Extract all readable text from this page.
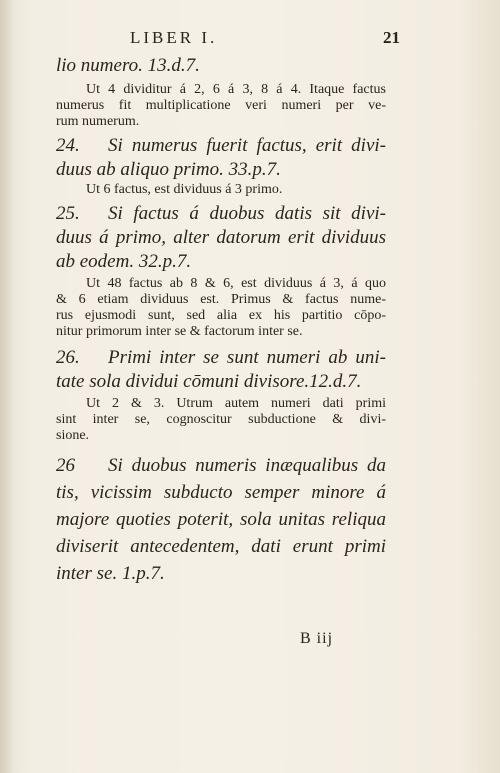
LIBER I.	21

lio numero. 13.d.7.

Ut 4 dividitur á 2, 6 á 3, 8 á 4. Itaque factus
numerus fit multiplicatione veri numeri per ve-
rum numerum.

24. Si numerus fuerit factus, erit divi-
duus ab aliquo primo. 33.p.7.

Ut 6 factus, est dividuus á 3 primo.

25. Si factus á duobus datis sit divi-
duus á primo, alter datorum erit dividuus
ab eodem. 32.p.7.

Ut 48 factus ab 8 & 6, est dividuus á 3, á quo
& 6 etiam dividuus est. Primus & factus nume-
rus ejusmodi sunt, sed alia ex his partitio cōpo-
nitur primorum inter se & factorum inter se.

26. Primi inter se sunt numeri ab uni-
tate sola dividui cōmuni divisore.12.d.7.

Ut 2 & 3. Utrum autem numeri dati primi
sint inter se, cognoscitur subductione & divi-
sione.

26 Si duobus numeris inæqualibus da
tis, vicissim subducto semper minore á
majore quoties poterit, sola unitas reliqua
diviserit antecedentem, dati erunt primi
inter se. 1.p.7.

B iij
